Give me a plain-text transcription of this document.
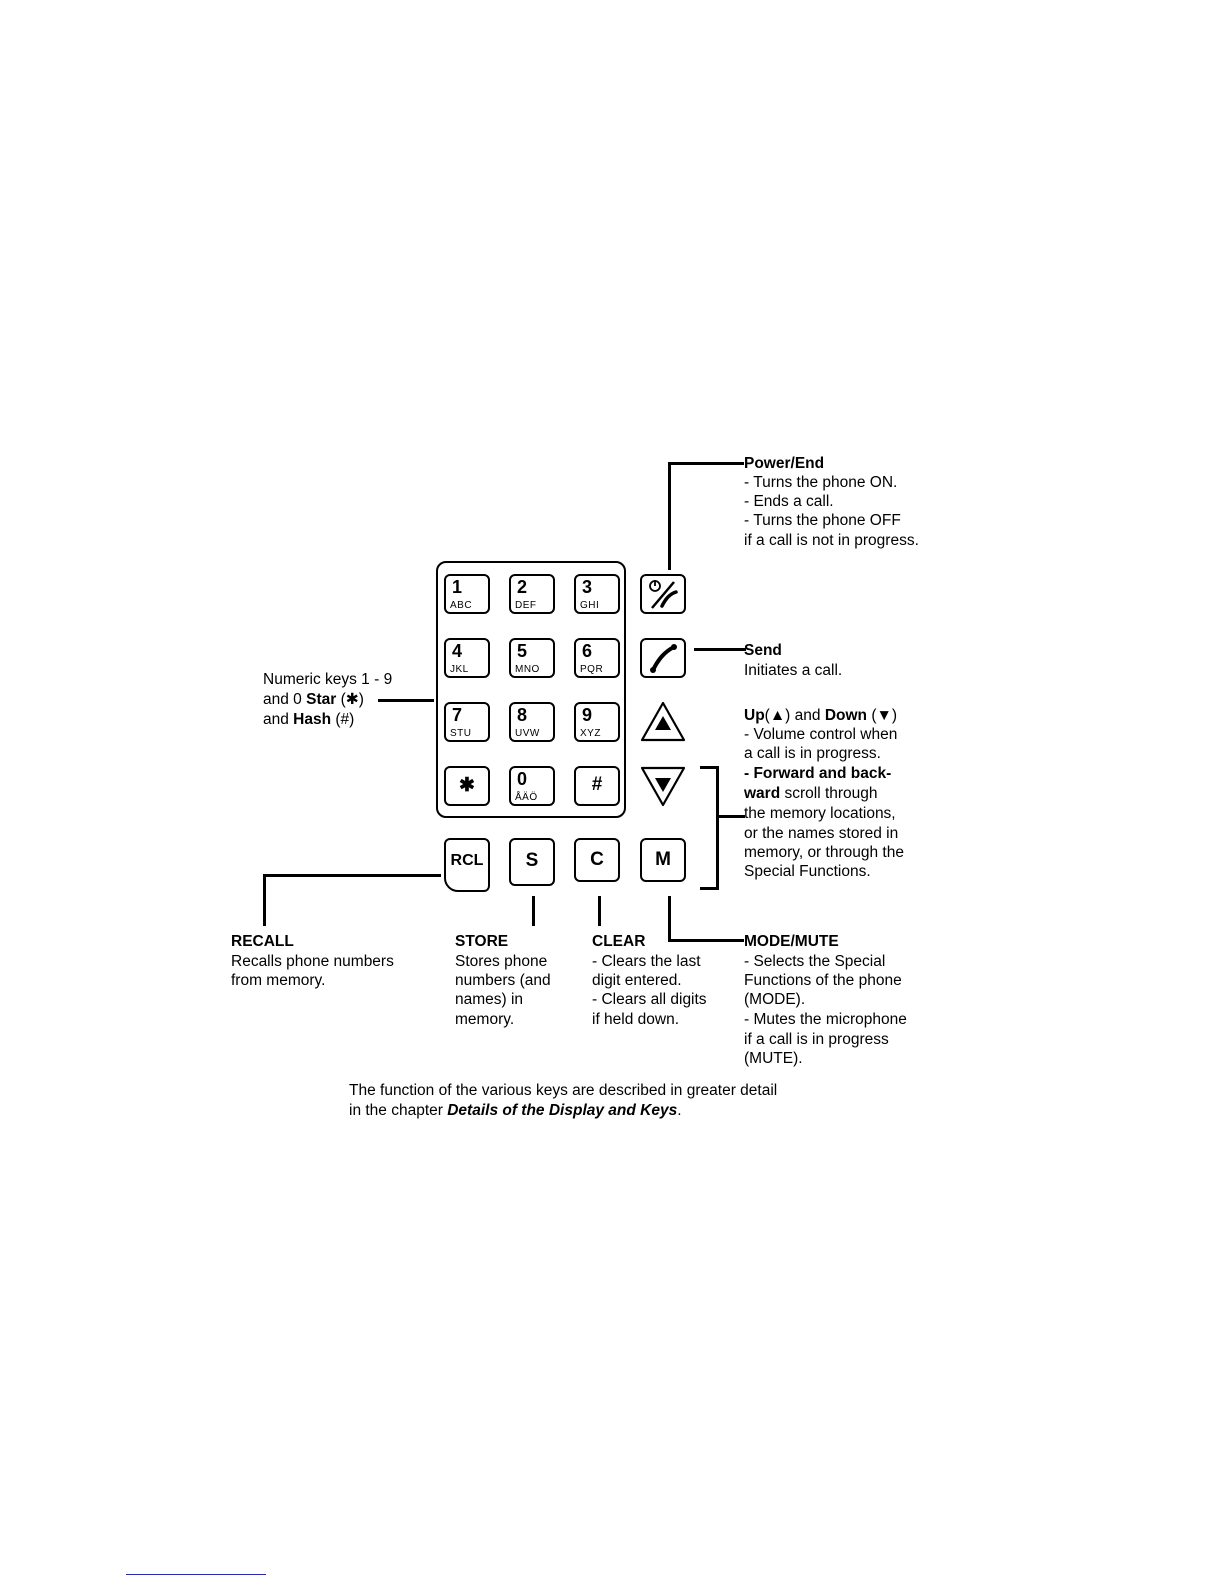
1
ABC
2
DEF
3
GHI
4
JKL
5
MNO
6
PQR
7
STU
8
UVW
9
XYZ
✱	0
ÅÄÖ
#
RCL	S	C	M
Power/End
- Turns the phone ON.
- Ends a call.
- Turns the phone OFF
if a call is not in progress.
Send
Initiates a call.
Up(▲) and Down (▼)
- Volume control when
a call is in progress.
- Forward and back-
ward scroll through
the memory locations,
or the names stored in
memory, or through the
Special Functions.
Numeric keys 1 - 9
and 0 Star (✱)
and Hash (#)
RECALL
Recalls phone numbers
from memory.
STORE
Stores phone
numbers (and
names) in
memory.
CLEAR
- Clears the last
digit entered.
- Clears all digits
if held down.
MODE/MUTE
- Selects the Special
Functions of the phone
(MODE).
- Mutes the microphone
if a call is in progress
(MUTE).
The function of the various keys are described in greater detail
in the chapter Details of the Display and Keys.
